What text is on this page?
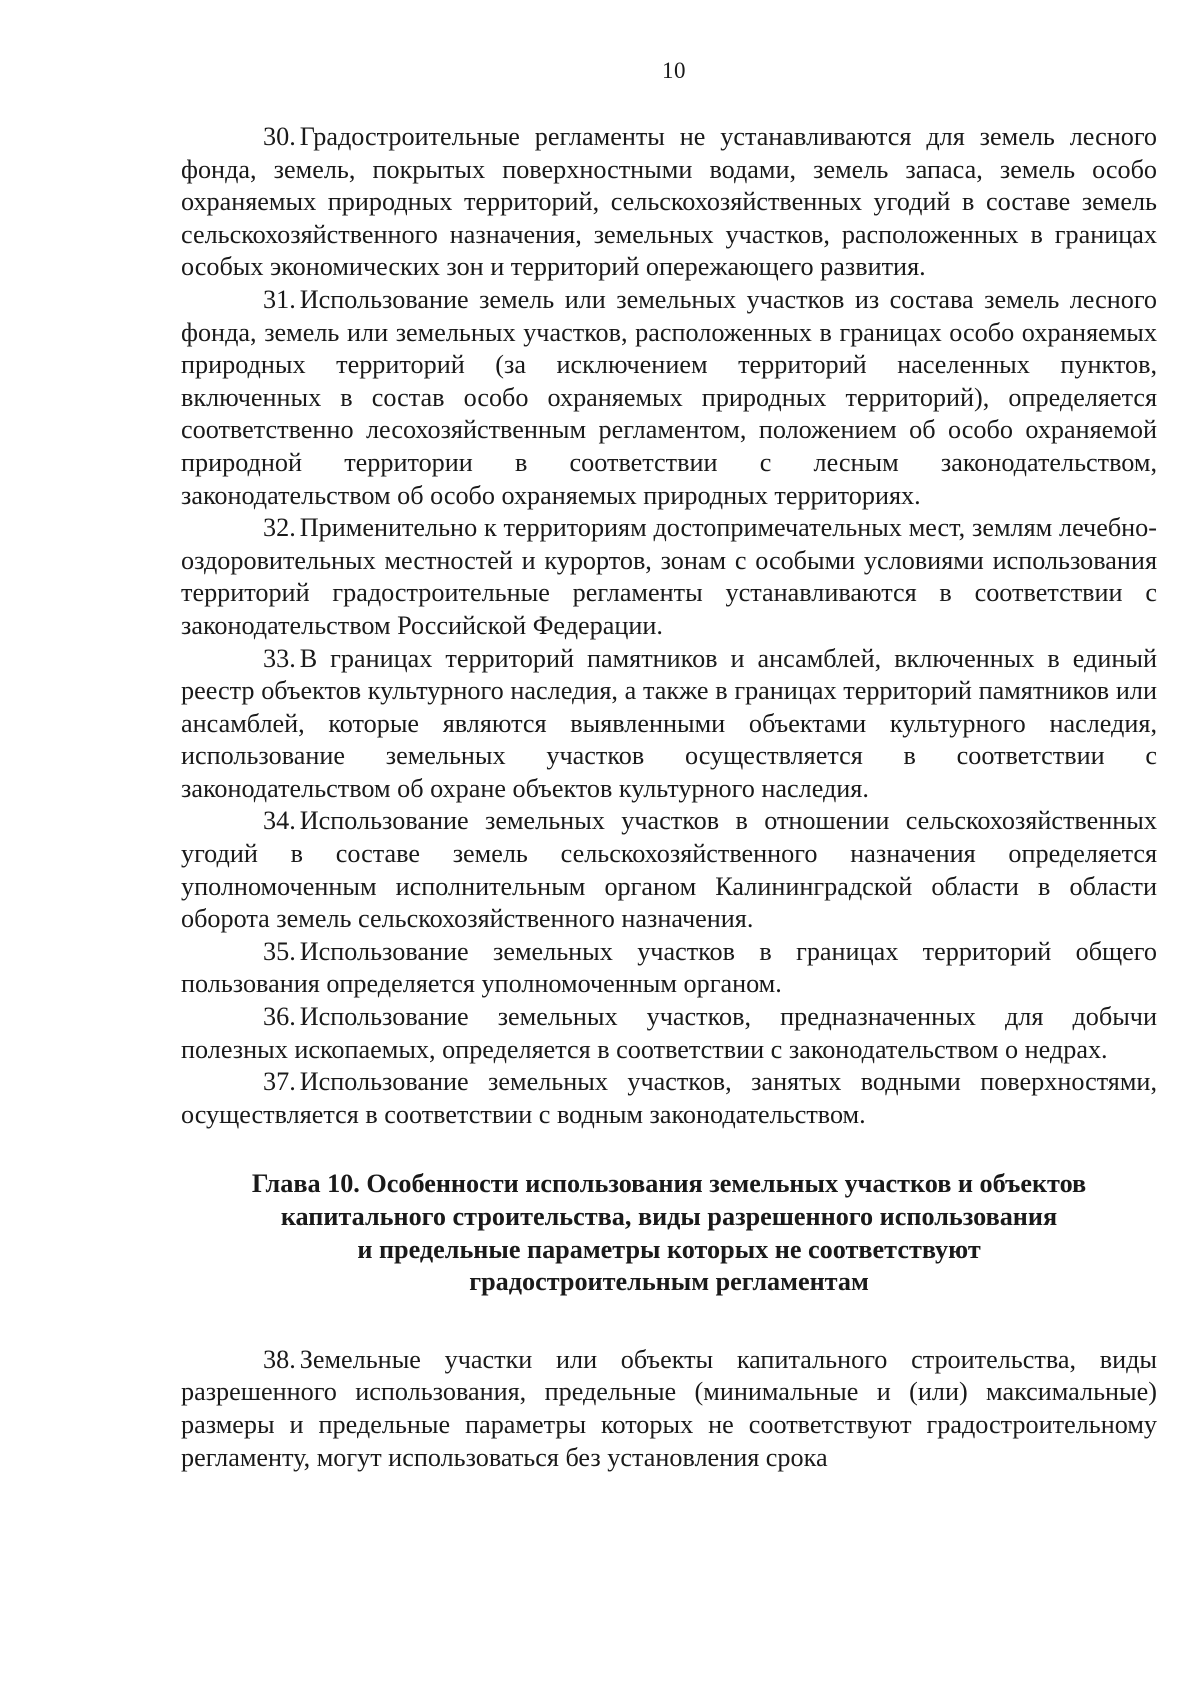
10

30. Градостроительные регламенты не устанавливаются для земель лесного фонда, земель, покрытых поверхностными водами, земель запаса, земель особо охраняемых природных территорий, сельскохозяйственных угодий в составе земель сельскохозяйственного назначения, земельных участков, расположенных в границах особых экономических зон и территорий опережающего развития.

31. Использование земель или земельных участков из состава земель лесного фонда, земель или земельных участков, расположенных в границах особо охраняемых природных территорий (за исключением территорий населенных пунктов, включенных в состав особо охраняемых природных территорий), определяется соответственно лесохозяйственным регламентом, положением об особо охраняемой природной территории в соответствии с лесным законодательством, законодательством об особо охраняемых природных территориях.

32. Применительно к территориям достопримечательных мест, землям лечебно-оздоровительных местностей и курортов, зонам с особыми условиями использования территорий градостроительные регламенты устанавливаются в соответствии с законодательством Российской Федерации.

33. В границах территорий памятников и ансамблей, включенных в единый реестр объектов культурного наследия, а также в границах территорий памятников или ансамблей, которые являются выявленными объектами культурного наследия, использование земельных участков осуществляется в соответствии с законодательством об охране объектов культурного наследия.

34. Использование земельных участков в отношении сельскохозяйственных угодий в составе земель сельскохозяйственного назначения определяется уполномоченным исполнительным органом Калининградской области в области оборота земель сельскохозяйственного назначения.

35. Использование земельных участков в границах территорий общего пользования определяется уполномоченным органом.

36. Использование земельных участков, предназначенных для добычи полезных ископаемых, определяется в соответствии с законодательством о недрах.

37. Использование земельных участков, занятых водными поверхностями, осуществляется в соответствии с водным законодательством.

Глава 10. Особенности использования земельных участков и объектов
капитального строительства, виды разрешенного использования
и предельные параметры которых не соответствуют
градостроительным регламентам

38. Земельные участки или объекты капитального строительства, виды разрешенного использования, предельные (минимальные и (или) максимальные) размеры и предельные параметры которых не соответствуют градостроительному регламенту, могут использоваться без установления срока
